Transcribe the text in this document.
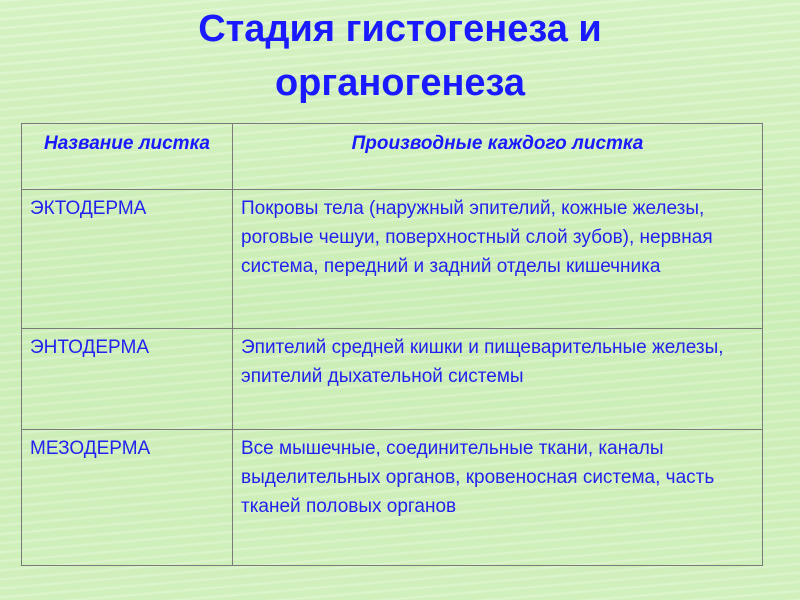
Стадия гистогенеза и
органогенеза
Название листка	Производные каждого листка
ЭКТОДЕРМА	Покровы тела (наружный эпителий, кожные железы, роговые чешуи, поверхностный слой зубов), нервная система, передний и задний отделы кишечника
ЭНТОДЕРМА	Эпителий средней кишки и пищеварительные железы, эпителий дыхательной системы
МЕЗОДЕРМА	Все мышечные, соединительные ткани, каналы выделительных органов, кровеносная система, часть тканей половых органов
